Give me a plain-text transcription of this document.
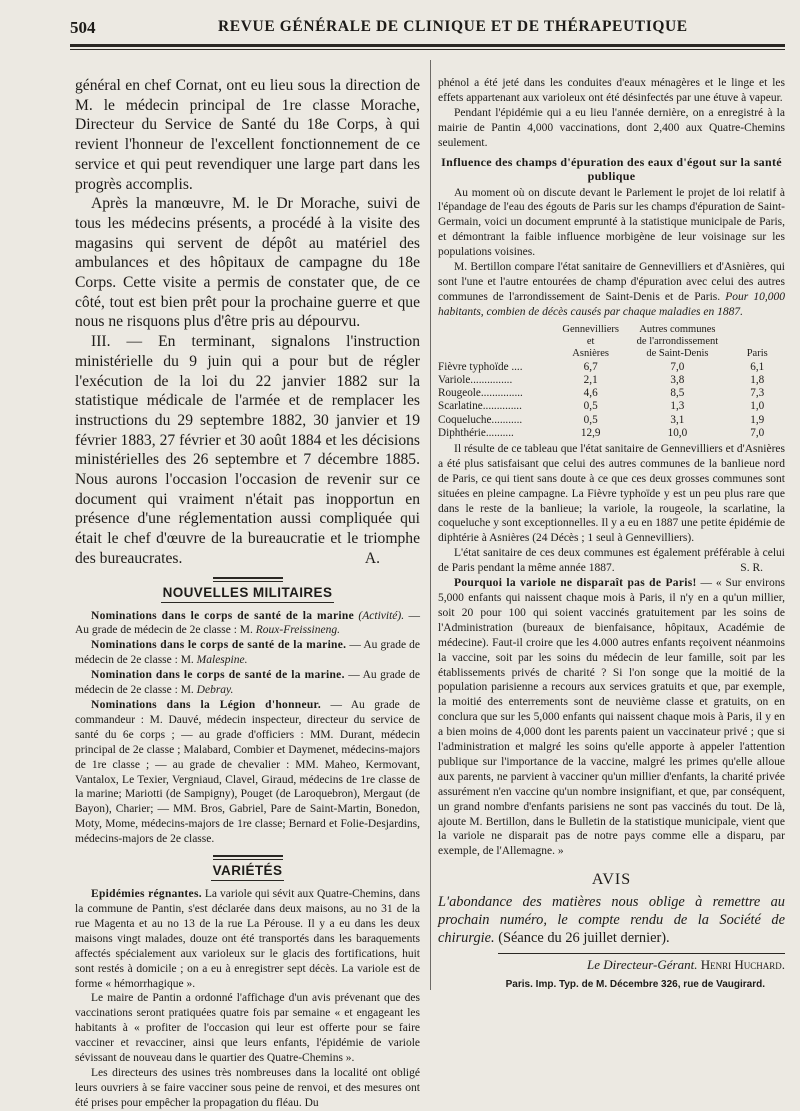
504	REVUE GÉNÉRALE DE CLINIQUE ET DE THÉRAPEUTIQUE

général en chef Cornat, ont eu lieu sous la direction de M. le médecin principal de 1re classe Morache, Directeur du Service de Santé du 18e Corps, à qui revient l'honneur de l'excellent fonctionnement de ce service et qui peut revendiquer une large part dans les progrès accomplis.

Après la manœuvre, M. le Dr Morache, suivi de tous les médecins présents, a procédé à la visite des magasins qui servent de dépôt au matériel des ambulances et des hôpitaux de campagne du 18e Corps. Cette visite a permis de constater que, de ce côté, tout est bien prêt pour la prochaine guerre et que nous ne risquons plus d'être pris au dépourvu.

III. — En terminant, signalons l'instruction ministérielle du 9 juin qui a pour but de régler l'exécution de la loi du 22 janvier 1882 sur la statistique médicale de l'armée et de remplacer les instructions du 29 septembre 1882, 30 janvier et 19 février 1883, 27 février et 30 août 1884 et les décisions ministérielles des 26 septembre et 7 décembre 1885. Nous aurons l'occasion l'occasion de revenir sur ce document qui vraiment n'était pas inopportun en présence d'une réglementation aussi compliquée qui était le chef d'œuvre de la bureaucratie et le triomphe des bureaucrates.	A.

NOUVELLES MILITAIRES

Nominations dans le corps de santé de la marine (Activité). — Au grade de médecin de 2e classe : M. Roux-Freissineng.

Nominations dans le corps de santé de la marine. — Au grade de médecin de 2e classe : M. Malespine.

Nomination dans le corps de santé de la marine. — Au grade de médecin de 2e classe : M. Debray.

Nominations dans la Légion d'honneur. — Au grade de commandeur : M. Dauvé, médecin inspecteur, directeur du service de santé du 6e corps ; — au grade d'officiers : MM. Durant, médecin principal de 2e classe ; Malabard, Combier et Daymenet, médecins-majors de 1re classe ; — au grade de chevalier : MM. Maheo, Kermovant, Vantalox, Le Texier, Vergniaud, Clavel, Giraud, médecins de 1re classe de la marine; Mariotti (de Sampigny), Pouget (de Laroquebron), Mergaut (de Bayon), Charier; — MM. Bros, Gabriel, Pare de Saint-Martin, Bonedon, Moty, Mome, médecins-majors de 1re classe; Bernard et Folie-Desjardins, médecins-majors de 2e classe.

VARIÉTÉS

Epidémies régnantes. La variole qui sévit aux Quatre-Chemins, dans la commune de Pantin, s'est déclarée dans deux maisons, au no 31 de la rue Magenta et au no 13 de la rue La Pérouse. Il y a eu dans les deux maisons vingt malades, douze ont été transportés dans les baraquements affectés spécialement aux varioleux sur le glacis des fortifications, huit sont restés à domicile ; on a eu à enregistrer sept décès. La variole est de forme « hémorrhagique ».

Le maire de Pantin a ordonné l'affichage d'un avis prévenant que des vaccinations seront pratiquées quatre fois par semaine « et engageant les habitants à « profiter de l'occasion qui leur est offerte pour se faire vacciner et revacciner, ainsi que leurs enfants, l'épidémie de variole sévissant de nouveau dans le quartier des Quatre-Chemins ».

Les directeurs des usines très nombreuses dans la localité ont obligé leurs ouvriers à se faire vacciner sous peine de renvoi, et des mesures ont été prises pour empêcher la propagation du fléau. Du

phénol a été jeté dans les conduites d'eaux ménagères et le linge et les effets appartenant aux varioleux ont été désinfectés par une étuve à vapeur.

Pendant l'épidémie qui a eu lieu l'année dernière, on a enregistré à la mairie de Pantin 4,000 vaccinations, dont 2,400 aux Quatre-Chemins seulement.

Influence des champs d'épuration des eaux d'égout sur la santé publique

Au moment où on discute devant le Parlement le projet de loi relatif à l'épandage de l'eau des égouts de Paris sur les champs d'épuration de Saint-Germain, voici un document emprunté à la statistique municipale de Paris, et démontrant la faible influence morbigène de leur voisinage sur les populations voisines.

M. Bertillon compare l'état sanitaire de Gennevilliers et d'Asnières, qui sont l'une et l'autre entourées de champ d'épuration avec celui des autres communes de l'arrondissement de Saint-Denis et de Paris. Pour 10,000 habitants, combien de décès causés par chaque maladies en 1887.

	Gennevilliers
et
Asnières	Autres communes
de l'arrondissement
de Saint-Denis	Paris
Fièvre typhoïde ....	6,7	7,0	6,1
Variole...............	2,1	3,8	1,8
Rougeole...............	4,6	8,5	7,3
Scarlatine..............	0,5	1,3	1,0
Coqueluche...........	0,5	3,1	1,9
Diphthérie..........	12,9	10,0	7,0

Il résulte de ce tableau que l'état sanitaire de Gennevilliers et d'Asnières a été plus satisfaisant que celui des autres communes de la banlieue nord de Paris, ce qui tient sans doute à ce que ces deux grosses communes sont situées en pleine campagne. La Fièvre typhoïde y est un peu plus rare que dans le reste de la banlieue; la variole, la rougeole, la scarlatine, la coqueluche y sont exceptionnelles. Il y a eu en 1887 une petite épidémie de diphtérie à Asnières (24 Décès ; 1 seul à Gennevilliers).

L'état sanitaire de ces deux communes est également préférable à celui de Paris pendant la même année 1887.	S. R.

Pourquoi la variole ne disparaît pas de Paris! — « Sur environs 5,000 enfants qui naissent chaque mois à Paris, il n'y en a qu'un millier, soit 20 pour 100 qui soient vaccinés gratuitement par les soins de l'Administration (bureaux de bienfaisance, hôpitaux, Académie de médecine). Faut-il croire que les 4.000 autres enfants reçoivent néanmoins la vaccine, soit par les soins du médecin de leur famille, soit par les établissements privés de charité ? Si l'on songe que la moitié de la population parisienne a recours aux services gratuits et que, par exemple, la moitié des enterrements sont de neuvième classe et gratuits, on en conclura que sur les 5,000 enfants qui naissent chaque mois à Paris, il y en a bien moins de 4,000 dont les parents paient un vaccinateur privé ; que si l'administration et malgré les soins qu'elle apporte à appeler l'attention publique sur l'importance de la vaccine, malgré les primes qu'elle alloue aux parents, ne parvient à vacciner qu'un millier d'enfants, la charité privée assurément n'en vaccine qu'un nombre insignifiant, et que, par conséquent, un grand nombre d'enfants parisiens ne sont pas vaccinés du tout. De là, ajoute M. Bertillon, dans le Bulletin de la statistique municipale, vient que la variole ne disparait pas de notre pays comme elle a disparu, par exemple, de l'Allemagne. »

AVIS

L'abondance des matières nous oblige à remettre au prochain numéro, le compte rendu de la Société de chirurgie. (Séance du 26 juillet dernier).

Le Directeur-Gérant. Henri Huchard.
Paris. Imp. Typ. de M. Décembre 326, rue de Vaugirard.
